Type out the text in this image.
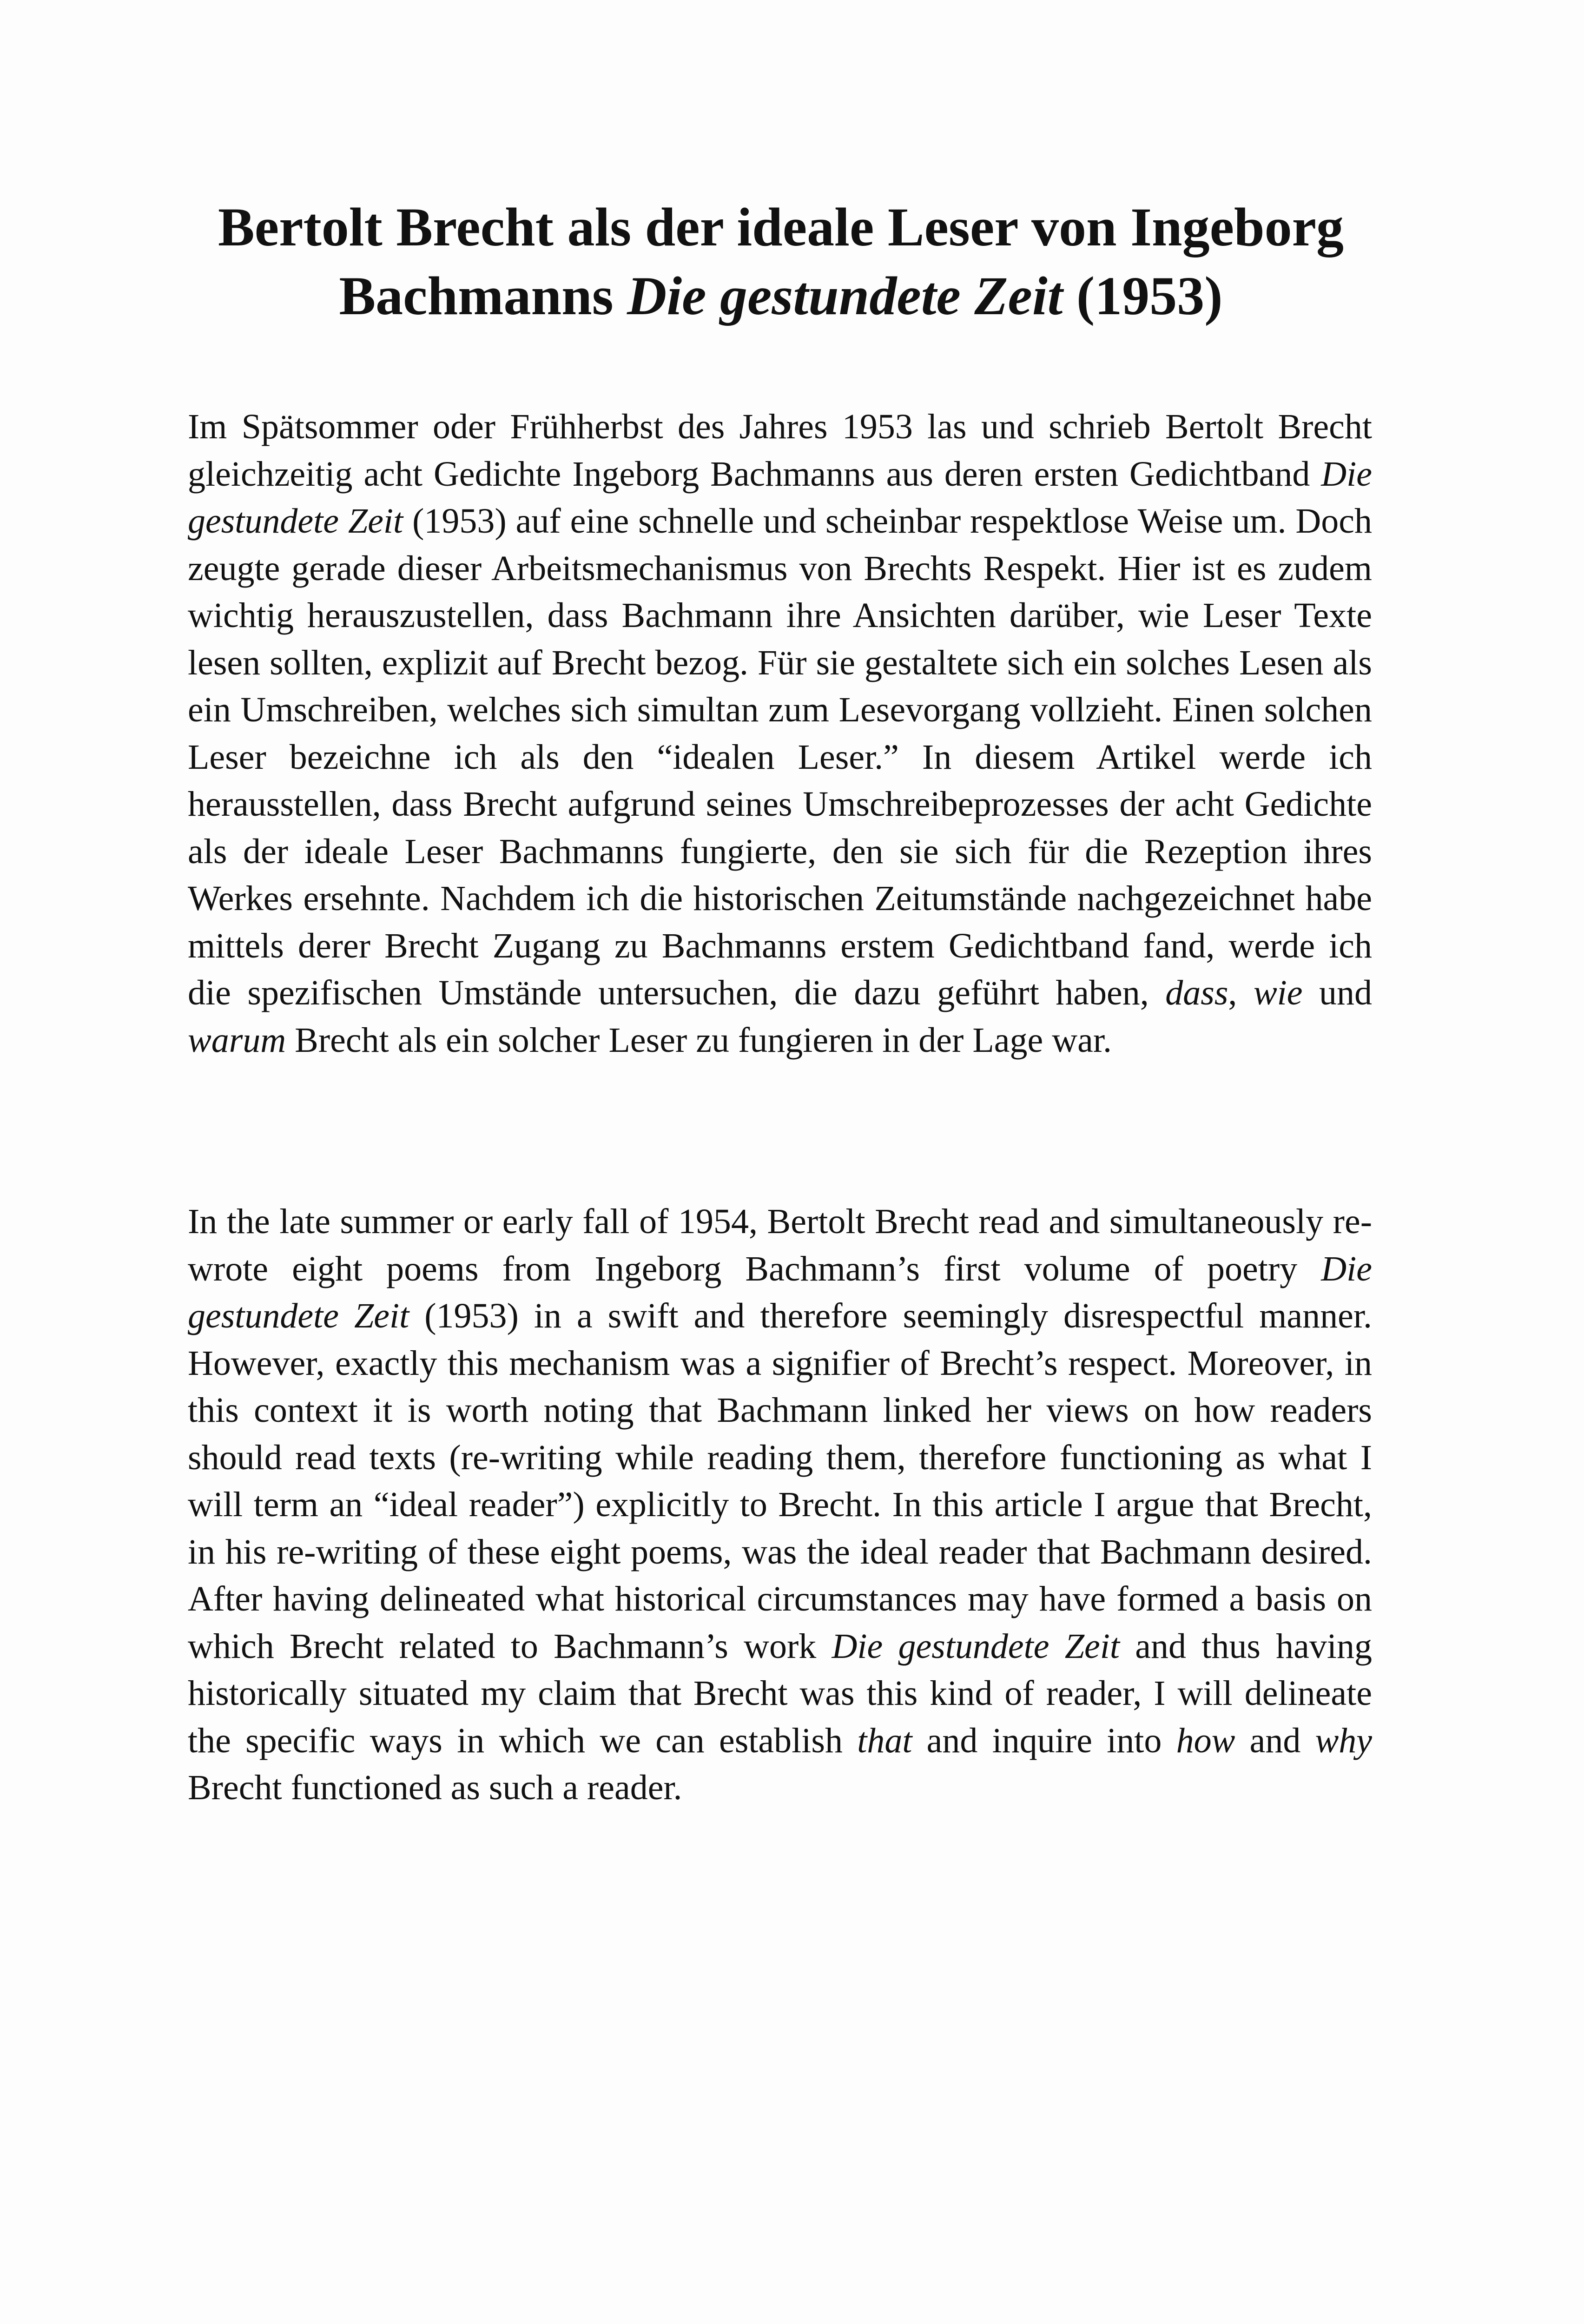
Bertolt Brecht als der ideale Leser von Ingeborg
Bachmanns Die gestundete Zeit (1953)

Im Spätsommer oder Frühherbst des Jahres 1953 las und schrieb Bertolt Brecht gleichzeitig acht Gedichte Ingeborg Bachmanns aus deren ersten Gedichtband Die gestundete Zeit (1953) auf eine schnelle und scheinbar respektlose Weise um. Doch zeugte gerade dieser Arbeitsmechanismus von Brechts Respekt. Hier ist es zudem wichtig herauszustellen, dass Bachmann ihre Ansichten darüber, wie Leser Texte lesen sollten, explizit auf Brecht bezog. Für sie gestaltete sich ein solches Lesen als ein Umschreiben, welches sich simultan zum Lesevorgang vollzieht. Einen solchen Leser bezeichne ich als den “idealen Leser.” In diesem Artikel werde ich herausstellen, dass Brecht aufgrund seines Umschreibeprozesses der acht Gedichte als der ideale Leser Bachmanns fungierte, den sie sich für die Rezeption ihres Werkes ersehnte. Nachdem ich die historischen Zeitumstände nachgezeichnet habe mittels derer Brecht Zugang zu Bachmanns erstem Gedichtband fand, werde ich die spezifischen Umstände untersuchen, die dazu geführt haben, dass, wie und warum Brecht als ein solcher Leser zu fungieren in der Lage war.

In the late summer or early fall of 1954, Bertolt Brecht read and simultaneously re-wrote eight poems from Ingeborg Bachmann’s first volume of poetry Die gestundete Zeit (1953) in a swift and therefore seemingly disrespectful manner. However, exactly this mechanism was a signifier of Brecht’s respect. Moreover, in this context it is worth noting that Bachmann linked her views on how readers should read texts (re-writing while reading them, therefore functioning as what I will term an “ideal reader”) explicitly to Brecht. In this article I argue that Brecht, in his re-writing of these eight poems, was the ideal reader that Bachmann desired. After having delineated what historical circumstances may have formed a basis on which Brecht related to Bachmann’s work Die gestundete Zeit and thus having historically situated my claim that Brecht was this kind of reader, I will delineate the specific ways in which we can establish that and inquire into how and why Brecht functioned as such a reader.
